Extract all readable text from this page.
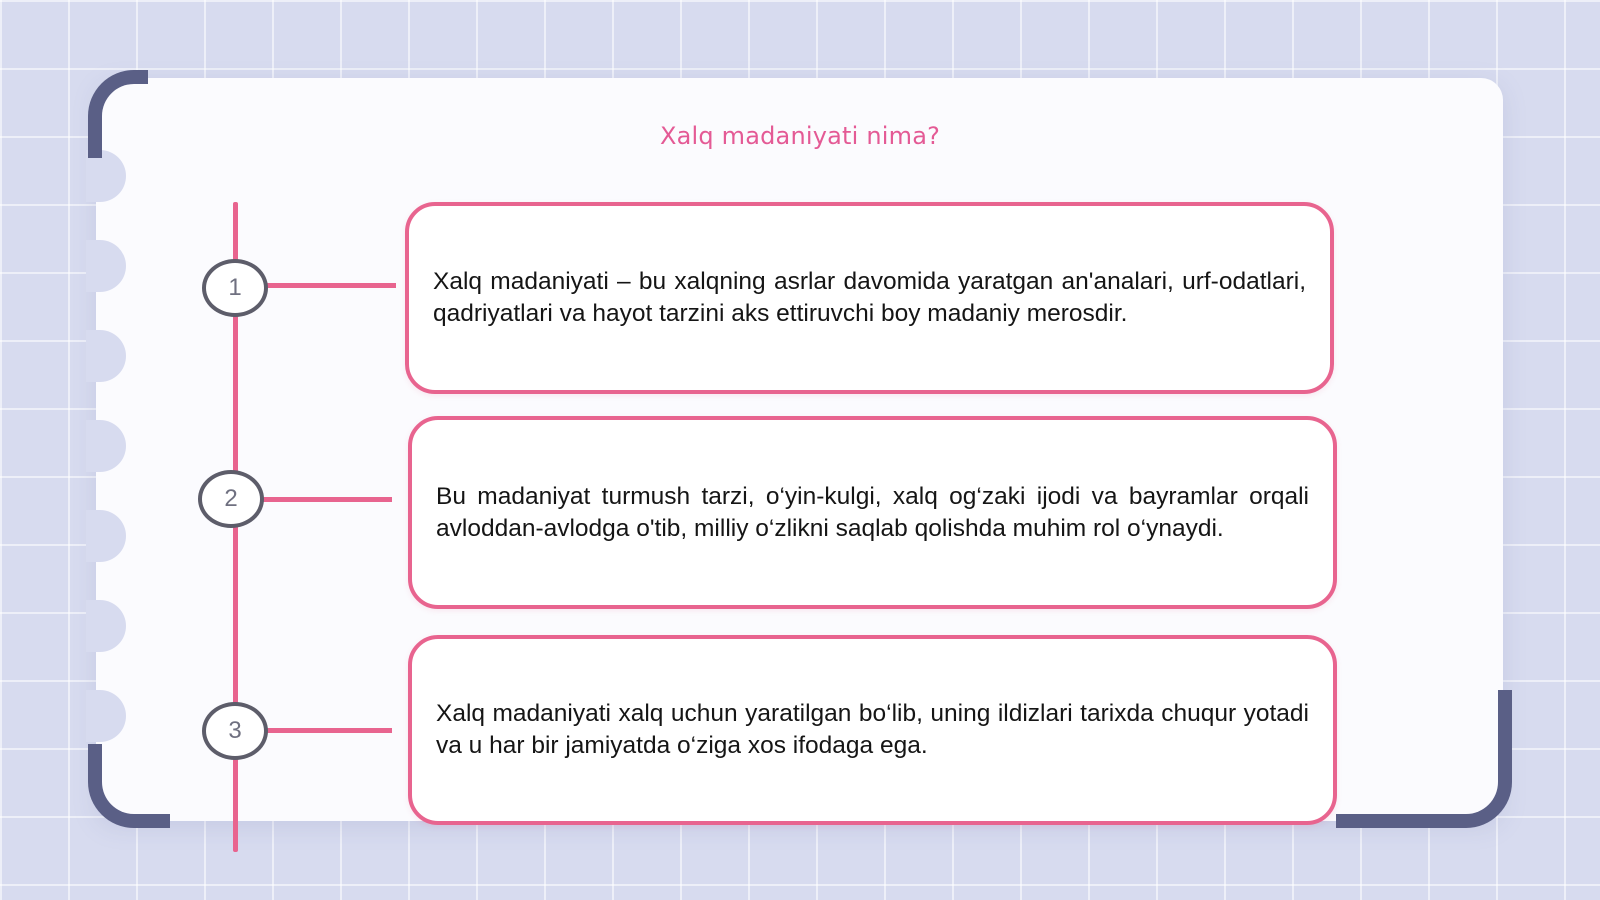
Xalq madaniyati nima?
1	Xalq madaniyati – bu xalqning asrlar davomida yaratgan an'analari, urf-odatlari, qadriyatlari va hayot tarzini aks ettiruvchi boy madaniy merosdir.

2	Bu madaniyat turmush tarzi, o‘yin-kulgi, xalq og‘zaki ijodi va bayramlar orqali avloddan-avlodga o'tib, milliy o‘zlikni saqlab qolishda muhim rol o‘ynaydi.

3

Xalq madaniyati xalq uchun yaratilgan bo‘lib, uning ildizlari tarixda chuqur yotadi va u har bir jamiyatda o‘ziga xos ifodaga ega.
